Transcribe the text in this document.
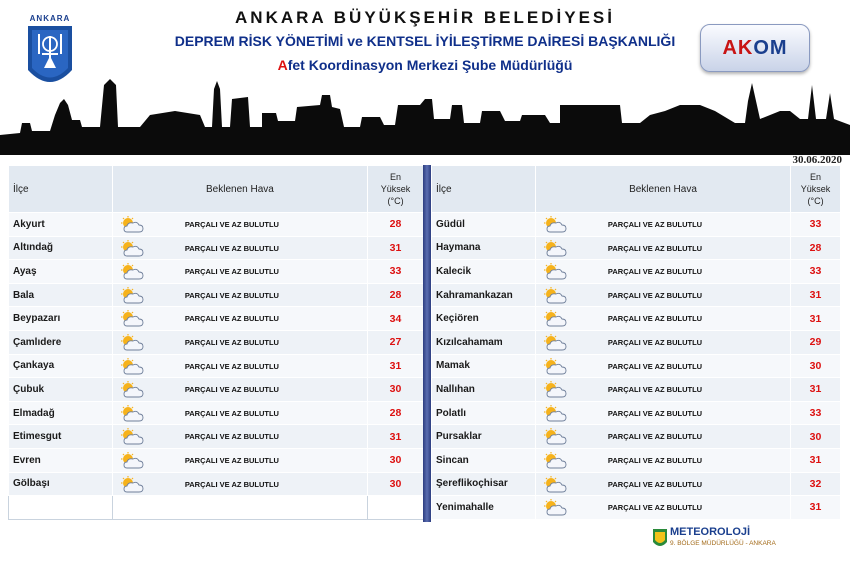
ANKARA	ANKARA BÜYÜKŞEHİR BELEDİYESİ
DEPREM RİSK YÖNETİMİ ve KENTSEL İYİLEŞTİRME DAİRESİ BAŞKANLIĞI
Afet Koordinasyon Merkezi Şube Müdürlüğü
AKOM
30.06.2020
İlçe	Beklenen Hava	En
Yüksek
(°C)

Akyurt	PARÇALI VE AZ BULUTLU	28
Altındağ	PARÇALI VE AZ BULUTLU	31
Ayaş	PARÇALI VE AZ BULUTLU	33
Bala	PARÇALI VE AZ BULUTLU	28
Beypazarı	PARÇALI VE AZ BULUTLU	34
Çamlıdere	PARÇALI VE AZ BULUTLU	27
Çankaya	PARÇALI VE AZ BULUTLU	31
Çubuk	PARÇALI VE AZ BULUTLU	30
Elmadağ	PARÇALI VE AZ BULUTLU	28
Etimesgut	PARÇALI VE AZ BULUTLU	31
Evren	PARÇALI VE AZ BULUTLU	30
Gölbaşı	PARÇALI VE AZ BULUTLU	30

İlçe	Beklenen Hava	En
Yüksek
(°C)

Güdül	PARÇALI VE AZ BULUTLU	33
Haymana	PARÇALI VE AZ BULUTLU	28
Kalecik	PARÇALI VE AZ BULUTLU	33
Kahramankazan	PARÇALI VE AZ BULUTLU	31
Keçiören	PARÇALI VE AZ BULUTLU	31
Kızılcahamam	PARÇALI VE AZ BULUTLU	29
Mamak	PARÇALI VE AZ BULUTLU	30
Nallıhan	PARÇALI VE AZ BULUTLU	31
Polatlı	PARÇALI VE AZ BULUTLU	33
Pursaklar	PARÇALI VE AZ BULUTLU	30
Sincan	PARÇALI VE AZ BULUTLU	31
Şereflikoçhisar	PARÇALI VE AZ BULUTLU	32
Yenimahalle	PARÇALI VE AZ BULUTLU	31
METEOROLOJİ
9. BÖLGE MÜDÜRLÜĞÜ - ANKARA
